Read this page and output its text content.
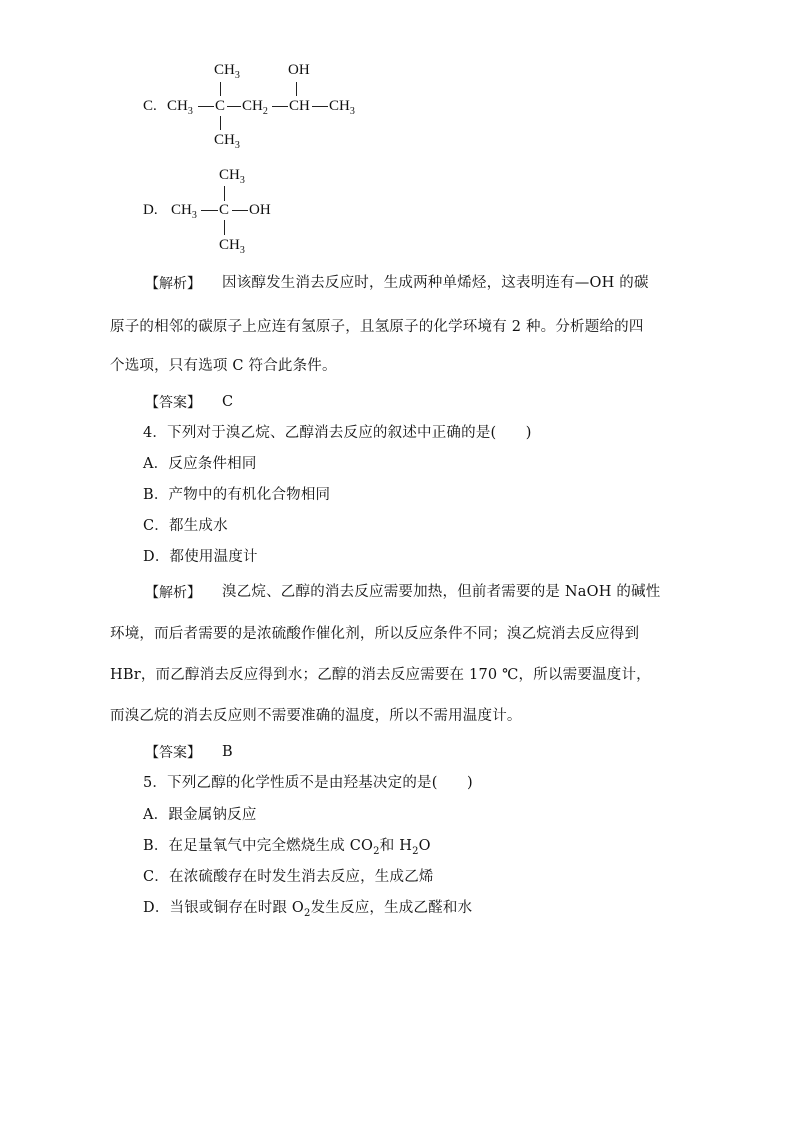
C.
$CH_3$	OH
$CH_3$ C $CH_2$ CH $CH_3$
$CH_3$
$CH_3$
D. $CH_3$ C OH
$CH_3$
【解析】 因该醇发生消去反应时，生成两种单烯烃，这表明连有—OH 的碳
原子的相邻的碳原子上应连有氢原子，且氢原子的化学环境有 2 种。分析题给的四
个选项，只有选项 C 符合此条件。
【答案】 C
4．下列对于溴乙烷、乙醇消去反应的叙述中正确的是(　　)
A．反应条件相同
B．产物中的有机化合物相同
C．都生成水
D．都使用温度计
【解析】 溴乙烷、乙醇的消去反应需要加热，但前者需要的是 NaOH 的碱性
环境，而后者需要的是浓硫酸作催化剂，所以反应条件不同；溴乙烷消去反应得到
HBr，而乙醇消去反应得到水；乙醇的消去反应需要在 170 ℃，所以需要温度计，
而溴乙烷的消去反应则不需要准确的温度，所以不需用温度计。
【答案】 B
5．下列乙醇的化学性质不是由羟基决定的是(　　)
A．跟金属钠反应
B．在足量氧气中完全燃烧生成 $CO_2$和 $H_2O$
C．在浓硫酸存在时发生消去反应，生成乙烯
D．当银或铜存在时跟 $O_2$发生反应，生成乙醛和水
